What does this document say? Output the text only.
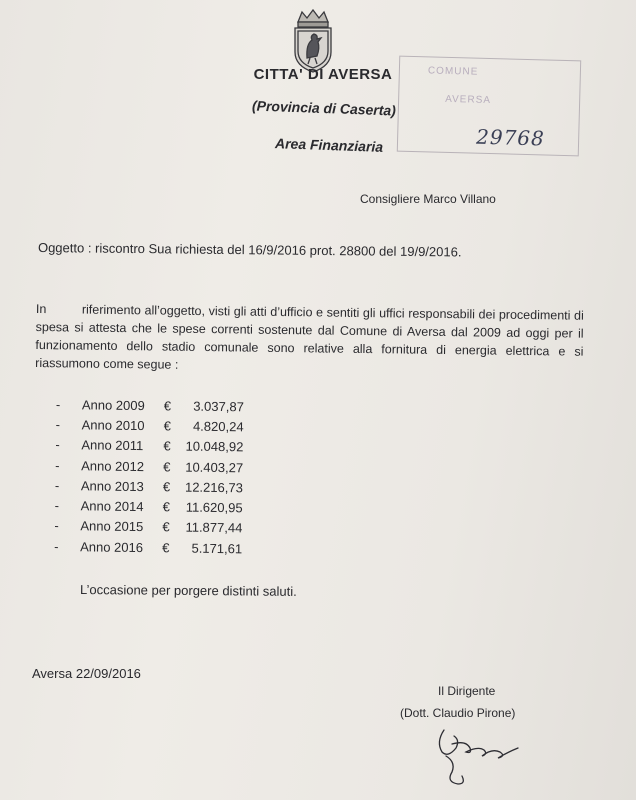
CITTA' DI AVERSA
(Provincia di Caserta)
Area Finanziaria
COMUNE
AVERSA
29768
Consigliere Marco Villano
Oggetto : riscontro Sua richiesta del 16/9/2016 prot. 28800 del 19/9/2016.
In	riferimento all’oggetto, visti gli atti d’ufficio e sentiti gli uffici responsabili dei procedimenti di spesa si attesta che le spese correnti sostenute dal Comune di Aversa dal 2009 ad oggi per il funzionamento dello stadio comunale sono relative alla fornitura di energia elettrica e si riassumono come segue :
-	Anno 2009	€	3.037,87
-	Anno 2010	€	4.820,24
-	Anno 2011	€	10.048,92
-	Anno 2012	€	10.403,27
-	Anno 2013	€	12.216,73
-	Anno 2014	€	11.620,95
-	Anno 2015	€	11.877,44
-	Anno 2016	€	5.171,61
L’occasione per porgere distinti saluti.
Aversa 22/09/2016
Il Dirigente
(Dott. Claudio Pirone)
